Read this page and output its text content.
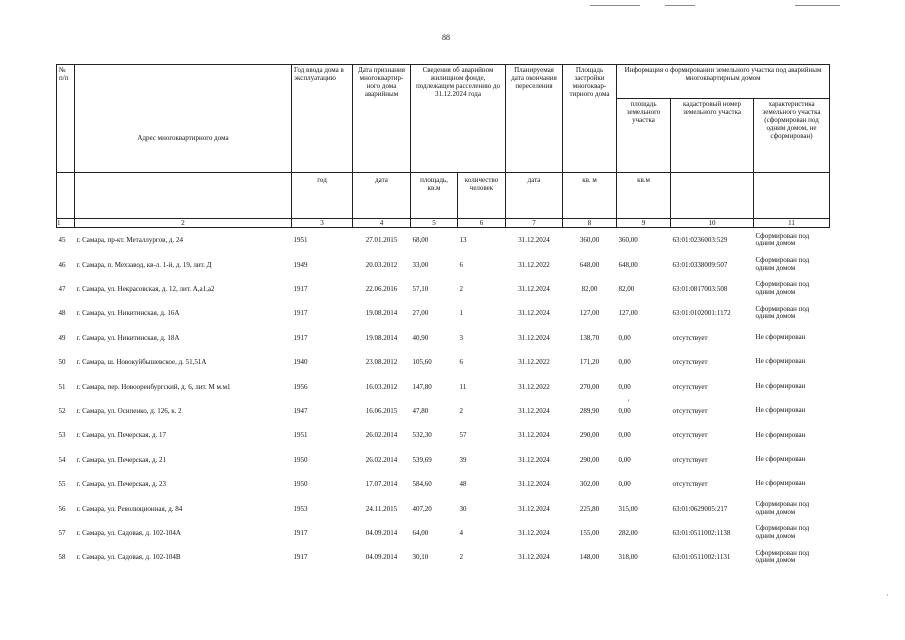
88
№ п/п	Адрес многоквартирного дома	Год ввода дома в эксплуатацию	Дата признания многоквартир-ного дома аварийным	Сведения об аварийном жилищном фонде, подлежащем расселению до 31.12.2024 года		Планируемая дата окончания переселения	Площадь застройки многоквар-тирного дома	Информация о формировании земельного участка под аварийным многоквартирным домом		
								площадь земельного участка	кадастровый номер земельного участка	характеристика земельного участка (сформирован под одним домом, не сформирован)
		год	дата	площадь, кв.м	количество человек	дата	кв. м	кв.м		
1	2	3	4	5	6	7	8	9	10	11
45	г. Самара, пр-кт. Металлургов, д. 24	1951	27.01.2015	68,00	13	31.12.2024	360,00	360,00	63:01:0236003:529	Сформирован под одним домом
46	г. Самара, п. Мехзавод, кв-л. 1-й, д. 19, лит. Д	1949	20.03.2012	33,00	6	31.12.2022	648,00	648,00	63:01:0338009:507	Сформирован под одним домом
47	г. Самара, ул. Некрасовская, д. 12, лит. А,а1,а2	1917	22.06.2016	57,10	2	31.12.2024	82,00	82,00	63:01:0817003:508	Сформирован под одним домом
48	г. Самара, ул. Никитинская, д. 16А	1917	19.08.2014	27,00	1	31.12.2024	127,00	127,00	63:01:0102001:1172	Сформирован под одним домом
49	г. Самара, ул. Никитинская, д. 18А	1917	19.08.2014	40,90	3	31.12.2024	138,70	0,00	отсутствует	Не сформирован
50	г. Самара, ш. Новокуйбышевское, д. 51,51А	1940	23.08.2012	105,60	6	31.12.2022	171,20	0,00	отсутствует	Не сформирован
51	г. Самара, пер. Новооренбургский, д. 6, лит. М м.м1	1956	16.03.2012	147,80	11	31.12.2022	270,00	0,00	отсутствует	Не сформирован
52	г. Самара, ул. Осипенко, д. 126, к. 2	1947	16.06.2015	47,80	2	31.12.2024	289,90	0,00	отсутствует	Не сформирован
53	г. Самара, ул. Печерская, д. 17	1951	26.02.2014	532,30	57	31.12.2024	290,00	0,00	отсутствует	Не сформирован
54	г. Самара, ул. Печерская, д. 21	1950	26.02.2014	539,69	39	31.12.2024	290,00	0,00	отсутствует	Не сформирован
55	г. Самара, ул. Печерская, д. 23	1950	17.07.2014	584,60	48	31.12.2024	302,00	0,00	отсутствует	Не сформирован
56	г. Самара, ул. Революционная, д. 84	1953	24.11.2015	407,20	30	31.12.2024	225,80	315,00	63:01:0629005:217	Сформирован под одним домом
57	г. Самара, ул. Садовая, д. 102-104А	1917	04.09.2014	64,00	4	31.12.2024	155,00	282,00	63:01:0511002:1138	Сформирован под одним домом
58	г. Самара, ул. Садовая, д. 102-104В	1917	04.09.2014	30,10	2	31.12.2024	148,00	318,00	63:01:0511002:1131	Сформирован под одним домом
'
·
